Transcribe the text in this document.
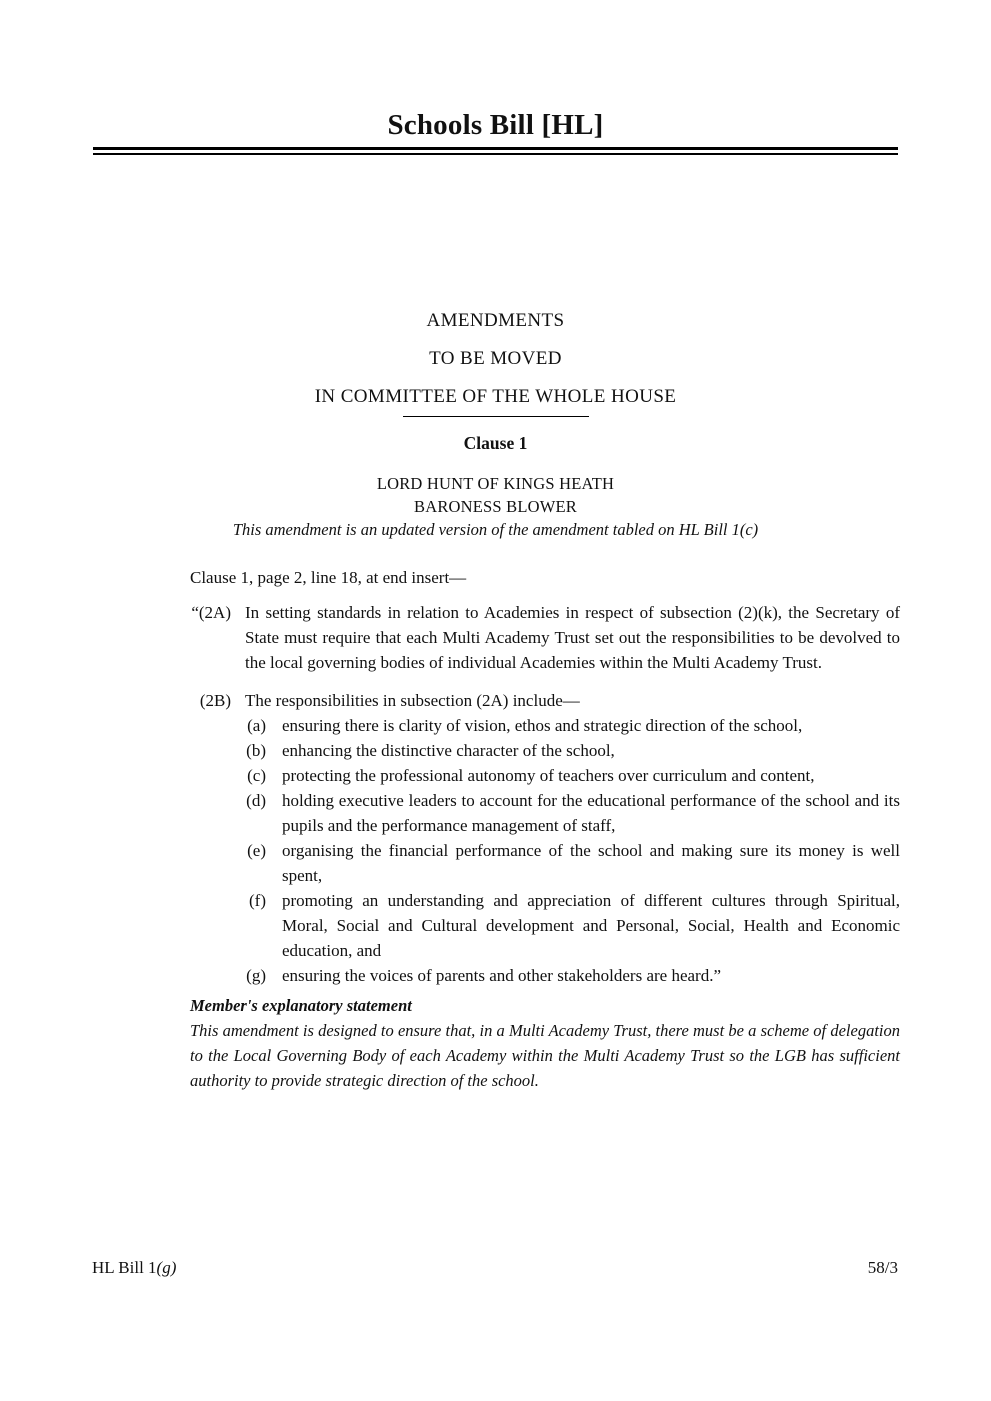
Schools Bill [HL]
AMENDMENTS
TO BE MOVED
IN COMMITTEE OF THE WHOLE HOUSE
Clause 1
LORD HUNT OF KINGS HEATH
BARONESS BLOWER
This amendment is an updated version of the amendment tabled on HL Bill 1(c)
Clause 1, page 2, line 18, at end insert—
“(2A) In setting standards in relation to Academies in respect of subsection (2)(k), the Secretary of State must require that each Multi Academy Trust set out the responsibilities to be devolved to the local governing bodies of individual Academies within the Multi Academy Trust.
(2B) The responsibilities in subsection (2A) include—
(a) ensuring there is clarity of vision, ethos and strategic direction of the school,
(b) enhancing the distinctive character of the school,
(c) protecting the professional autonomy of teachers over curriculum and content,
(d) holding executive leaders to account for the educational performance of the school and its pupils and the performance management of staff,
(e) organising the financial performance of the school and making sure its money is well spent,
(f) promoting an understanding and appreciation of different cultures through Spiritual, Moral, Social and Cultural development and Personal, Social, Health and Economic education, and
(g) ensuring the voices of parents and other stakeholders are heard.”
Member's explanatory statement
This amendment is designed to ensure that, in a Multi Academy Trust, there must be a scheme of delegation to the Local Governing Body of each Academy within the Multi Academy Trust so the LGB has sufficient authority to provide strategic direction of the school.
HL Bill 1(g)	58/3
